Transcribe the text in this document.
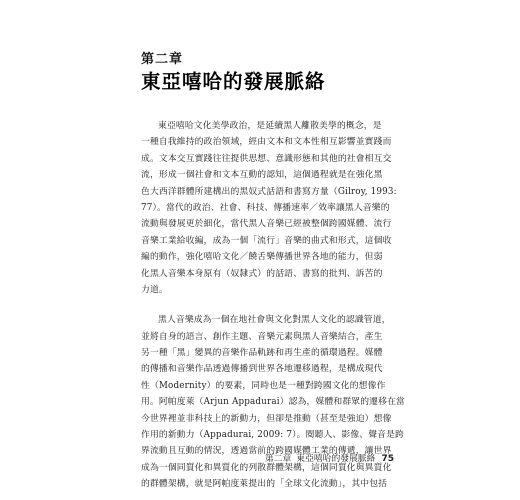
第二章
東亞嘻哈的發展脈絡
東亞嘻哈文化美學政治，是延續黑人離散美學的概念，是
一種自我維持的政治領域，經由文本和文本性相互影響並實踐而
成。文本交互實踐往往提供思想、意識形態和其他的社會相互交
流，形成一個社會和文本互動的認知，這個過程就是在強化黑
色大西洋群體所建構出的黑奴式話語和書寫方量（Gilroy, 1993:
77）。當代的政治、社會、科技、傳播速率／效率讓黑人音樂的
流動與發展更於細化，當代黑人音樂已經被整個跨國媒體、流行
音樂工業給收編，成為一個「流行」音樂的曲式和形式，這個收
編的動作，強化嘻哈文化／饒舌樂傳播世界各地的能力，但弱
化黑人音樂本身原有（奴隸式）的話語、書寫的批判、訴苦的
力道。
黑人音樂成為一個在地社會與文化對黑人文化的認識管道，
並將自身的語言、創作主題、音樂元素與黑人音樂結合，產生
另一種「黑」變異的音樂作品軌跡和再生產的循環過程。媒體
的傳播和音樂作品透過傳播到世界各地遷移過程，是構成現代
性（Modernity）的要素，同時也是一種對跨國文化的想像作
用。阿帕度萊（Arjun Appadurai）認為，媒體和群眾的遷移在當
今世界裡並非科技上的新動力，但卻是推動（甚至是強迫）想像
作用的新動力（Appadurai, 2009: 7）。閱聽人、影像、聲音是跨
界流動且互動的情況，透過當前的跨國媒體工業的傳遞，讓世界
成為一個同質化和異質化的列散群體架構，這個同質化與異質化
的群體架構，就是阿帕度萊提出的「全球文化流動」，其中包括
第二章 東亞嘻哈的發展脈絡 75
